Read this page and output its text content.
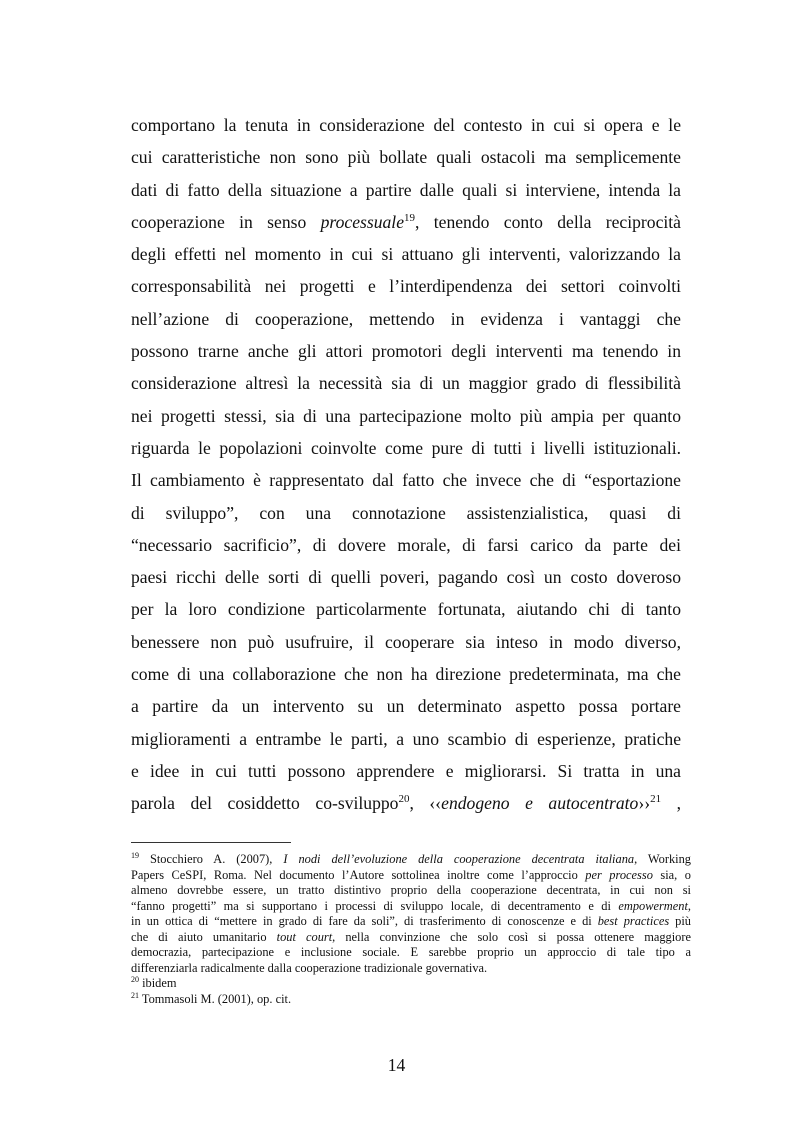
comportano la tenuta in considerazione del contesto in cui si opera e le
cui caratteristiche non sono più bollate quali ostacoli ma semplicemente
dati di fatto della situazione a partire dalle quali si interviene, intenda la
cooperazione in senso processuale$^{19}$, tenendo conto della reciprocità
degli effetti nel momento in cui si attuano gli interventi, valorizzando la
corresponsabilità nei progetti e l’interdipendenza dei settori coinvolti
nell’azione di cooperazione, mettendo in evidenza i vantaggi che
possono trarne anche gli attori promotori degli interventi ma tenendo in
considerazione altresì la necessità sia di un maggior grado di flessibilità
nei progetti stessi, sia di una partecipazione molto più ampia per quanto
riguarda le popolazioni coinvolte come pure di tutti i livelli istituzionali.
Il cambiamento è rappresentato dal fatto che invece che di “esportazione
di sviluppo”, con una connotazione assistenzialistica, quasi di
“necessario sacrificio”, di dovere morale, di farsi carico da parte dei
paesi ricchi delle sorti di quelli poveri, pagando così un costo doveroso
per la loro condizione particolarmente fortunata, aiutando chi di tanto
benessere non può usufruire, il cooperare sia inteso in modo diverso,
come di una collaborazione che non ha direzione predeterminata, ma che
a partire da un intervento su un determinato aspetto possa portare
miglioramenti a entrambe le parti, a uno scambio di esperienze, pratiche
e idee in cui tutti possono apprendere e migliorarsi. Si tratta in una
parola del cosiddetto co-sviluppo$^{20}$, ‹‹endogeno e autocentrato››$^{21}$ ,
$^{19}$ Stocchiero A. (2007), I nodi dell’evoluzione della cooperazione decentrata italiana, Working
Papers CeSPI, Roma. Nel documento l’Autore sottolinea inoltre come l’approccio per processo sia, o
almeno dovrebbe essere, un tratto distintivo proprio della cooperazione decentrata, in cui non si
“fanno progetti” ma si supportano i processi di sviluppo locale, di decentramento e di empowerment,
in un ottica di “mettere in grado di fare da soli”, di trasferimento di conoscenze e di best practices più
che di aiuto umanitario tout court, nella convinzione che solo così si possa ottenere maggiore
democrazia, partecipazione e inclusione sociale. E sarebbe proprio un approccio di tale tipo a
differenziarla radicalmente dalla cooperazione tradizionale governativa.
$^{20}$ ibidem
$^{21}$ Tommasoli M. (2001), op. cit.
14
